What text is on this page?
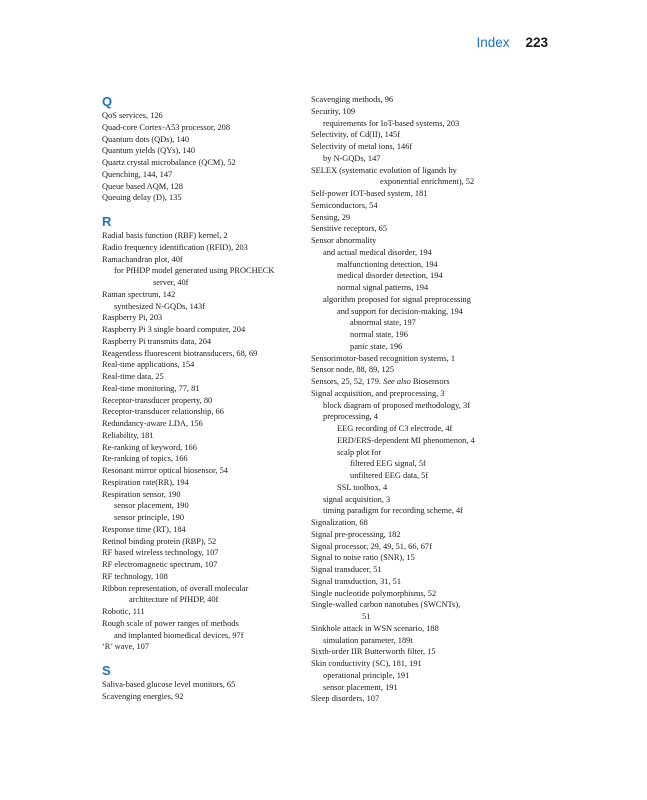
Index 223
Q
QoS services, 126
Quad-core Cortex-A53 processor, 208
Quantum dots (QDs), 140
Quantum yields (QYs), 140
Quartz crystal microbalance (QCM), 52
Quenching, 144, 147
Queue based AQM, 128
Queuing delay (D), 135
R
Radial basis function (RBF) kernel, 2
Radio frequency identification (RFID), 203
Ramachandran plot, 40f
for PfHDP model generated using PROCHECK
server, 40f
Raman spectrum, 142
synthesized N-GQDs, 143f
Raspberry Pi, 203
Raspberry Pi 3 single board computer, 204
Raspberry Pi transmits data, 204
Reagentless fluorescent biotransducers, 68, 69
Real-time applications, 154
Real-time data, 25
Real-time monitoring, 77, 81
Receptor-transducer property, 80
Receptor-transducer relationship, 66
Redundancy-aware LDA, 156
Reliability, 181
Re-ranking of keyword, 166
Re-ranking of topics, 166
Resonant mirror optical biosensor, 54
Respiration rate(RR), 194
Respiration sensor, 190
sensor placement, 190
sensor principle, 190
Response time (RT), 184
Retinol binding protein (RBP), 52
RF based wireless technology, 107
RF electromagnetic spectrum, 107
RF technology, 108
Ribbon representation, of overall molecular
architecture of PfHDP, 40f
Robotic, 111
Rough scale of power ranges of methods
and implanted biomedical devices, 97f
‘R’ wave, 107
S
Saliva-based glucose level monitors, 65
Scavenging energies, 92
Scavenging methods, 96
Security, 109
requirements for IoT-based systems, 203
Selectivity, of Cd(II), 145f
Selectivity of metal ions, 146f
by N-GQDs, 147
SELEX (systematic evolution of ligands by
exponential enrichment), 52
Self-power IOT-based system, 181
Semiconductors, 54
Sensing, 29
Sensitive receptors, 65
Sensor abnormality
and actual medical disorder, 194
malfunctioning detection, 194
medical disorder detection, 194
normal signal patterns, 194
algorithm proposed for signal preprocessing
and support for decision-making, 194
abnormal state, 197
normal state, 196
panic state, 196
Sensorimotor-based recognition systems, 1
Sensor node, 88, 89, 125
Sensors, 25, 52, 179. See also Biosensors
Signal acquisition, and preprocessing, 3
block diagram of proposed methodology, 3f
preprocessing, 4
EEG recording of C3 electrode, 4f
ERD/ERS-dependent MI phenomenon, 4
scalp plot for
filtered EEG signal, 5f
unfiltered EEG data, 5f
SSL toolbox, 4
signal acquisition, 3
timing paradigm for recording scheme, 4f
Signalization, 68
Signal pre-processing, 182
Signal processor, 29, 49, 51, 66, 67f
Signal to noise ratio (SNR), 15
Signal transducer, 51
Signal transduction, 31, 51
Single nucleotide polymorphisms, 52
Single-walled carbon nanotubes (SWCNTs),
51
Sinkhole attack in WSN scenario, 188
simulation parameter, 189t
Sixth-order IIR Butterworth filter, 15
Skin conductivity (SC), 181, 191
operational principle, 191
sensor placement, 191
Sleep disorders, 107
